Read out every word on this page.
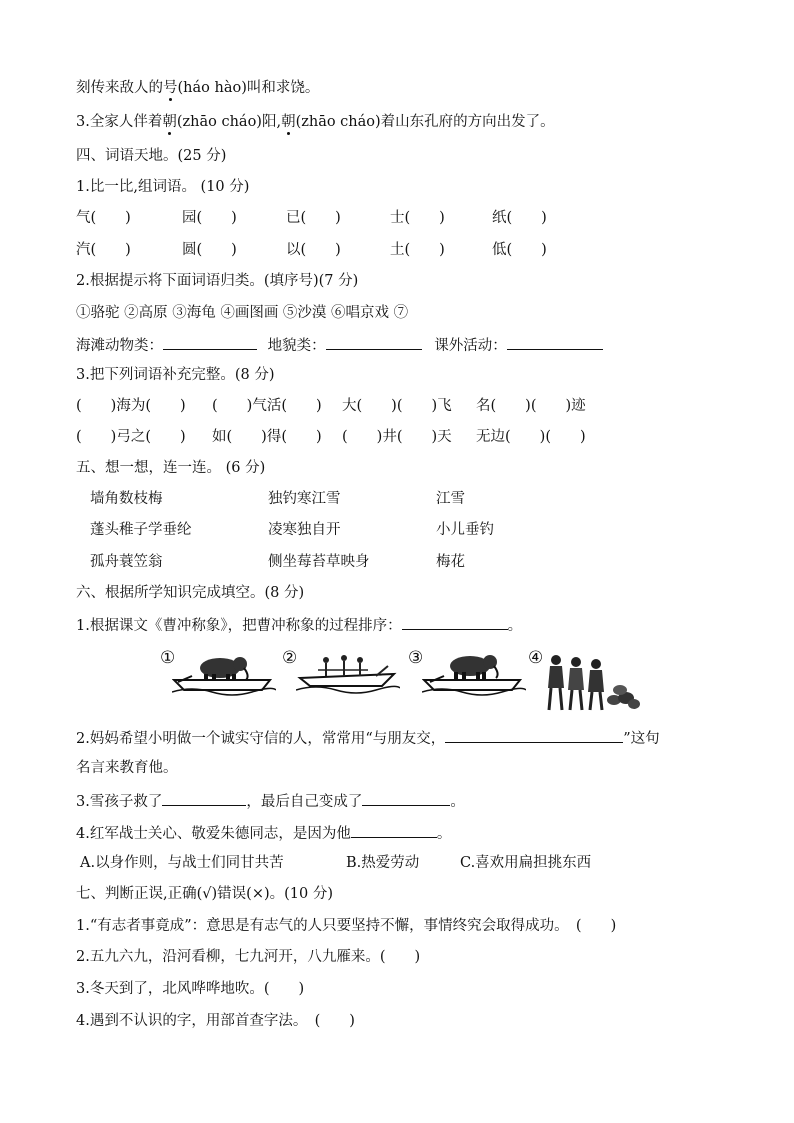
刻传来敌人的号(háo hào)叫和求饶。
3.全家人伴着朝(zhāo cháo)阳,朝(zhāo cháo)着山东孔府的方向出发了。
四、词语天地。(25 分)
1.比一比,组词语。 (10 分)
气(　　)	园(　　)	已(　　)	士(　　)	纸(　　)
汽(　　)	圆(　　)	以(　　)	土(　　)	低(　　)
2.根据提示将下面词语归类。(填序号)(7 分)
①骆驼 ②高原 ③海龟 ④画图画 ⑤沙漠 ⑥唱京戏 ⑦
海滩动物类：	地貌类：	课外活动：
3.把下列词语补充完整。(8 分)
(　　)海为(　　) (　　)气活(　　) 大(　　)(　　)飞 名(　　)(　　)迹
(　　)弓之(　　) 如(　　)得(　　) (　　)井(　　)天 无边(　　)(　　)
五、想一想，连一连。 (6 分)
墙角数枝梅	独钓寒江雪	江雪
蓬头稚子学垂纶	凌寒独自开	小儿垂钓
孤舟蓑笠翁	侧坐莓苔草映身	梅花
六、根据所学知识完成填空。(8 分)
1.根据课文《曹冲称象》，把曹冲称象的过程排序：	。
①	②	③	④
2.妈妈希望小明做一个诚实守信的人，常常用“与朋友交，	”这句
名言来教育他。
3.雪孩子救了	，最后自己变成了	。
4.红军战士关心、敬爱朱德同志，是因为他	。
A.以身作则，与战士们同甘共苦	B.热爱劳动	C.喜欢用扁担挑东西
七、判断正误,正确(√)错误(×)。(10 分)
1.“有志者事竟成”：意思是有志气的人只要坚持不懈，事情终究会取得成功。　(　　)
2.五九六九，沿河看柳，七九河开，八九雁来。(　　)
3.冬天到了，北风哗哗地吹。(　　)
4.遇到不认识的字，用部首查字法。　(　　)
